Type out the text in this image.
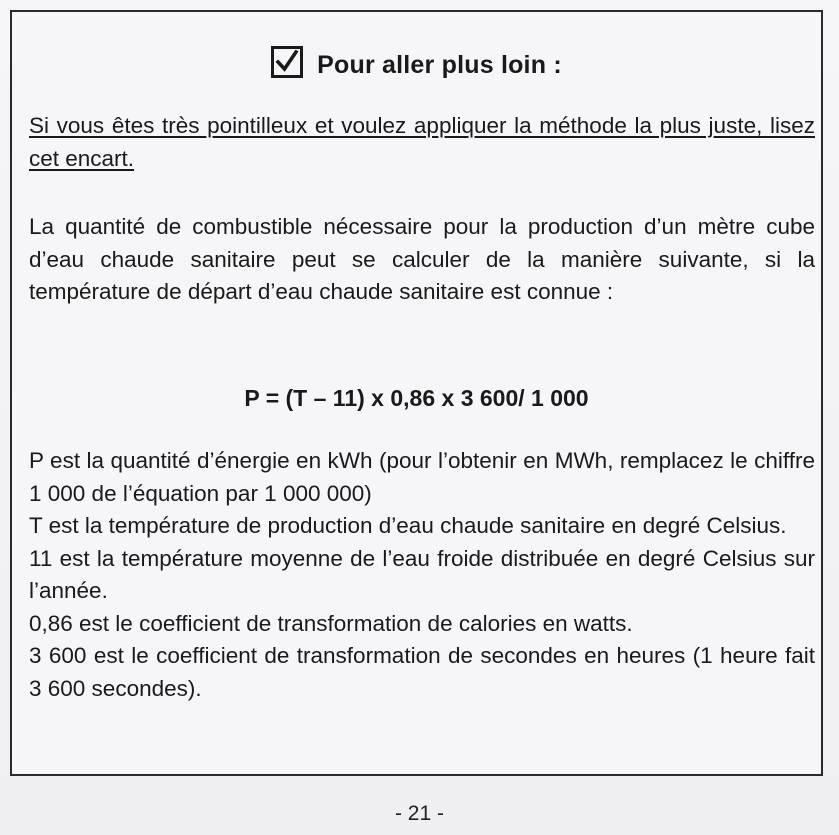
Pour aller plus loin :
Si vous êtes très pointilleux et voulez appliquer la méthode la plus juste, lisez cet encart.
La quantité de combustible nécessaire pour la production d’un mètre cube d’eau chaude sanitaire peut se calculer de la manière suivante, si la température de départ d’eau chaude sanitaire est connue :
P = (T – 11) x 0,86 x 3 600/ 1 000

P est la quantité d’énergie en kWh (pour l’obtenir en MWh, remplacez le chiffre 1 000 de l’équation par 1 000 000)

T est la température de production d’eau chaude sanitaire en degré Celsius.

11 est la température moyenne de l’eau froide distribuée en degré Celsius sur l’année.

0,86 est le coefficient de transformation de calories en watts.

3 600 est le coefficient de transformation de secondes en heures (1 heure fait 3 600 secondes).

- 21 -
